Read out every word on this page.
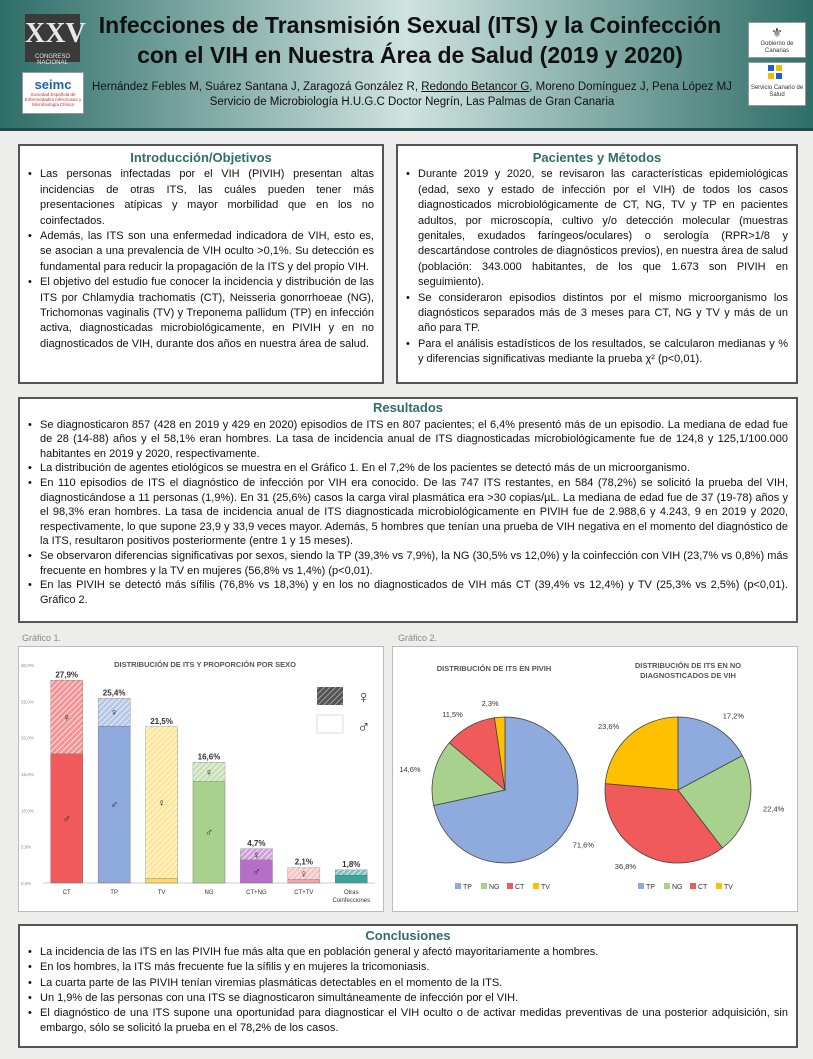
XXV
CONGRESO NACIONAL
seimc
Sociedad Española de Enfermedades Infecciosas y Microbiología Clínica
Infecciones de Transmisión Sexual (ITS) y la Coinfección con el VIH en Nuestra Área de Salud (2019 y 2020)
Hernández Febles M, Suárez Santana J, Zaragozá González R, Redondo Betancor G, Moreno Domínguez J, Pena López MJ
Servicio de Microbiología H.U.G.C Doctor Negrín, Las Palmas de Gran Canaria
⚜
Gobierno de Canarias
Servicio Canario de Salud
Introducción/Objetivos
• Las personas infectadas por el VIH (PIVIH) presentan altas incidencias de otras ITS, las cuáles pueden tener más presentaciones atípicas y mayor morbilidad que en los no coinfectados.
• Además, las ITS son una enfermedad indicadora de VIH, esto es, se asocian a una prevalencia de VIH oculto >0,1%. Su detección es fundamental para reducir la propagación de la ITS y del propio VIH.
• El objetivo del estudio fue conocer la incidencia y distribución de las ITS por Chlamydia trachomatis (CT), Neisseria gonorrhoeae (NG), Trichomonas vaginalis (TV) y Treponema pallidum (TP) en infección activa, diagnosticadas microbiológicamente, en PIVIH y en no diagnosticados de VIH, durante dos años en nuestra área de salud.
Pacientes y Métodos
• Durante 2019 y 2020, se revisaron las características epidemiológicas (edad, sexo y estado de infección por el VIH) de todos los casos diagnosticados microbiológicamente de CT, NG, TV y TP en pacientes adultos, por microscopía, cultivo y/o detección molecular (muestras genitales, exudados faríngeos/oculares) o serología (RPR>1/8 y descartándose controles de diagnósticos previos), en nuestra área de salud (población: 343.000 habitantes, de los que 1.673 son PIVIH en seguimiento).
• Se consideraron episodios distintos por el mismo microorganismo los diagnósticos separados más de 3 meses para CT, NG y TV y más de un año para TP.
• Para el análisis estadísticos de los resultados, se calcularon medianas y % y diferencias significativas mediante la prueba χ² (p<0,01).
Resultados
• Se diagnosticaron 857 (428 en 2019 y 429 en 2020) episodios de ITS en 807 pacientes; el 6,4% presentó más de un episodio. La mediana de edad fue de 28 (14-88) años y el 58,1% eran hombres. La tasa de incidencia anual de ITS diagnosticadas microbiológicamente fue de 124,8 y 125,1/100.000 habitantes en 2019 y 2020, respectivamente.
• La distribución de agentes etiológicos se muestra en el Gráfico 1. En el 7,2% de los pacientes se detectó más de un microorganismo.
• En 110 episodios de ITS el diagnóstico de infección por VIH era conocido. De las 747 ITS restantes, en 584 (78,2%) se solicitó la prueba del VIH, diagnosticándose a 11 personas (1,9%). En 31 (25,6%) casos la carga viral plasmática era >30 copias/µL. La mediana de edad fue de 37 (19-78) años y el 98,3% eran hombres. La tasa de incidencia anual de ITS diagnosticada microbiológicamente en PIVIH fue de 2.988,6 y 4.243, 9 en 2019 y 2020, respectivamente, lo que supone 23,9 y 33,9 veces mayor. Además, 5 hombres que tenían una prueba de VIH negativa en el momento del diagnóstico de la ITS, resultaron positivos posteriormente (entre 1 y 15 meses).
• Se observaron diferencias significativas por sexos, siendo la TP (39,3% vs 7,9%), la NG (30,5% vs 12,0%) y la coinfección con VIH (23,7% vs 0,8%) más frecuente en hombres y la TV en mujeres (56,8% vs 1,4%) (p<0,01).
• En las PIVIH se detectó más sífilis (76,8% vs 18,3%) y en los no diagnosticados de VIH más CT (39,4% vs 12,4%) y TV (25,3% vs 2,5%) (p<0,01). Gráfico 2.
Gráfico 1.	Gráfico 2.
DISTRIBUCIÓN DE ITS Y PROPORCIÓN POR SEXO
♀
♂
0,0%
5,0%
10,0%
15,0%
20,0%
25,0%
30,0%
27,9%
♀
♂
CT
25,4%
♀
♂
TP
21,5%
♀
TV
16,6%
♀
♂
NG
4,7%
♀
♂
CT+NG
2,1%
♀
CT+TV
1,8%
Otras
Coinfecciones
DISTRIBUCIÓN DE ITS EN PIVIH	DISTRIBUCIÓN DE ITS EN NO
DIAGNOSTICADOS DE VIH
71,6%
14,6%
11,5%
2,3%
TP NG CT TV
17,2%
22,4%
36,8%
23,6%
TP NG CT TV
Conclusiones
• La incidencia de las ITS en las PIVIH fue más alta que en población general y afectó mayoritariamente a hombres.
• En los hombres, la ITS más frecuente fue la sífilis y en mujeres la tricomoniasis.
• La cuarta parte de las PIVIH tenían viremias plasmáticas detectables en el momento de la ITS.
• Un 1,9% de las personas con una ITS se diagnosticaron simultáneamente de infección por el VIH.
• El diagnóstico de una ITS supone una oportunidad para diagnosticar el VIH oculto o de activar medidas preventivas de una posterior adquisición, sin embargo, sólo se solicitó la prueba en el 78,2% de los casos.
